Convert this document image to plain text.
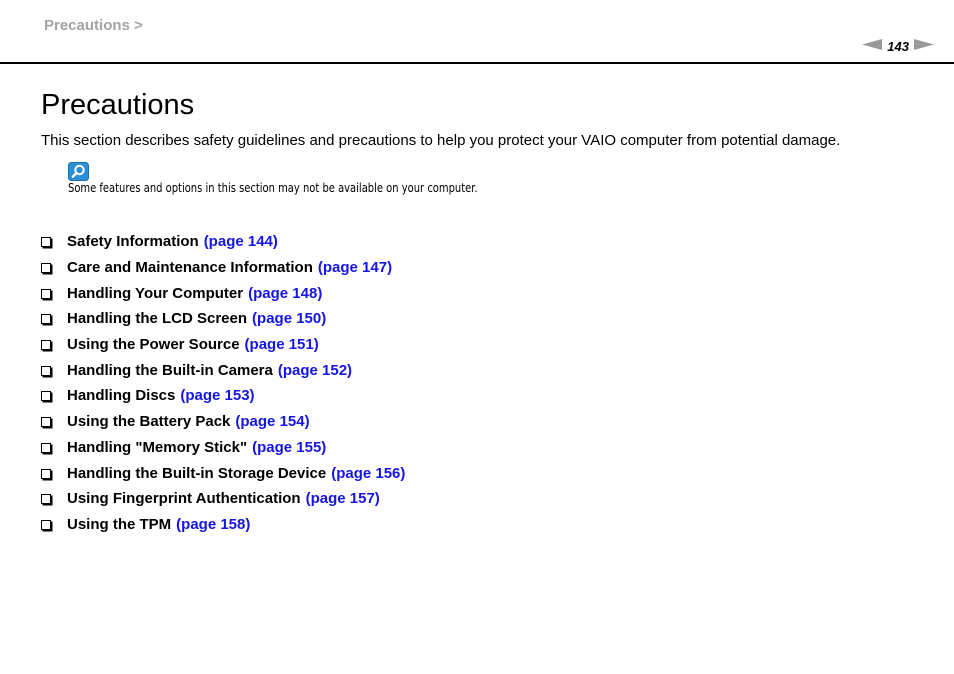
Precautions >
143
Precautions

This section describes safety guidelines and precautions to help you protect your VAIO computer from potential damage.

Some features and options in this section may not be available on your computer.

Safety Information (page 144)
Care and Maintenance Information (page 147)
Handling Your Computer (page 148)
Handling the LCD Screen (page 150)
Using the Power Source (page 151)
Handling the Built-in Camera (page 152)
Handling Discs (page 153)
Using the Battery Pack (page 154)
Handling "Memory Stick" (page 155)
Handling the Built-in Storage Device (page 156)
Using Fingerprint Authentication (page 157)
Using the TPM (page 158)
